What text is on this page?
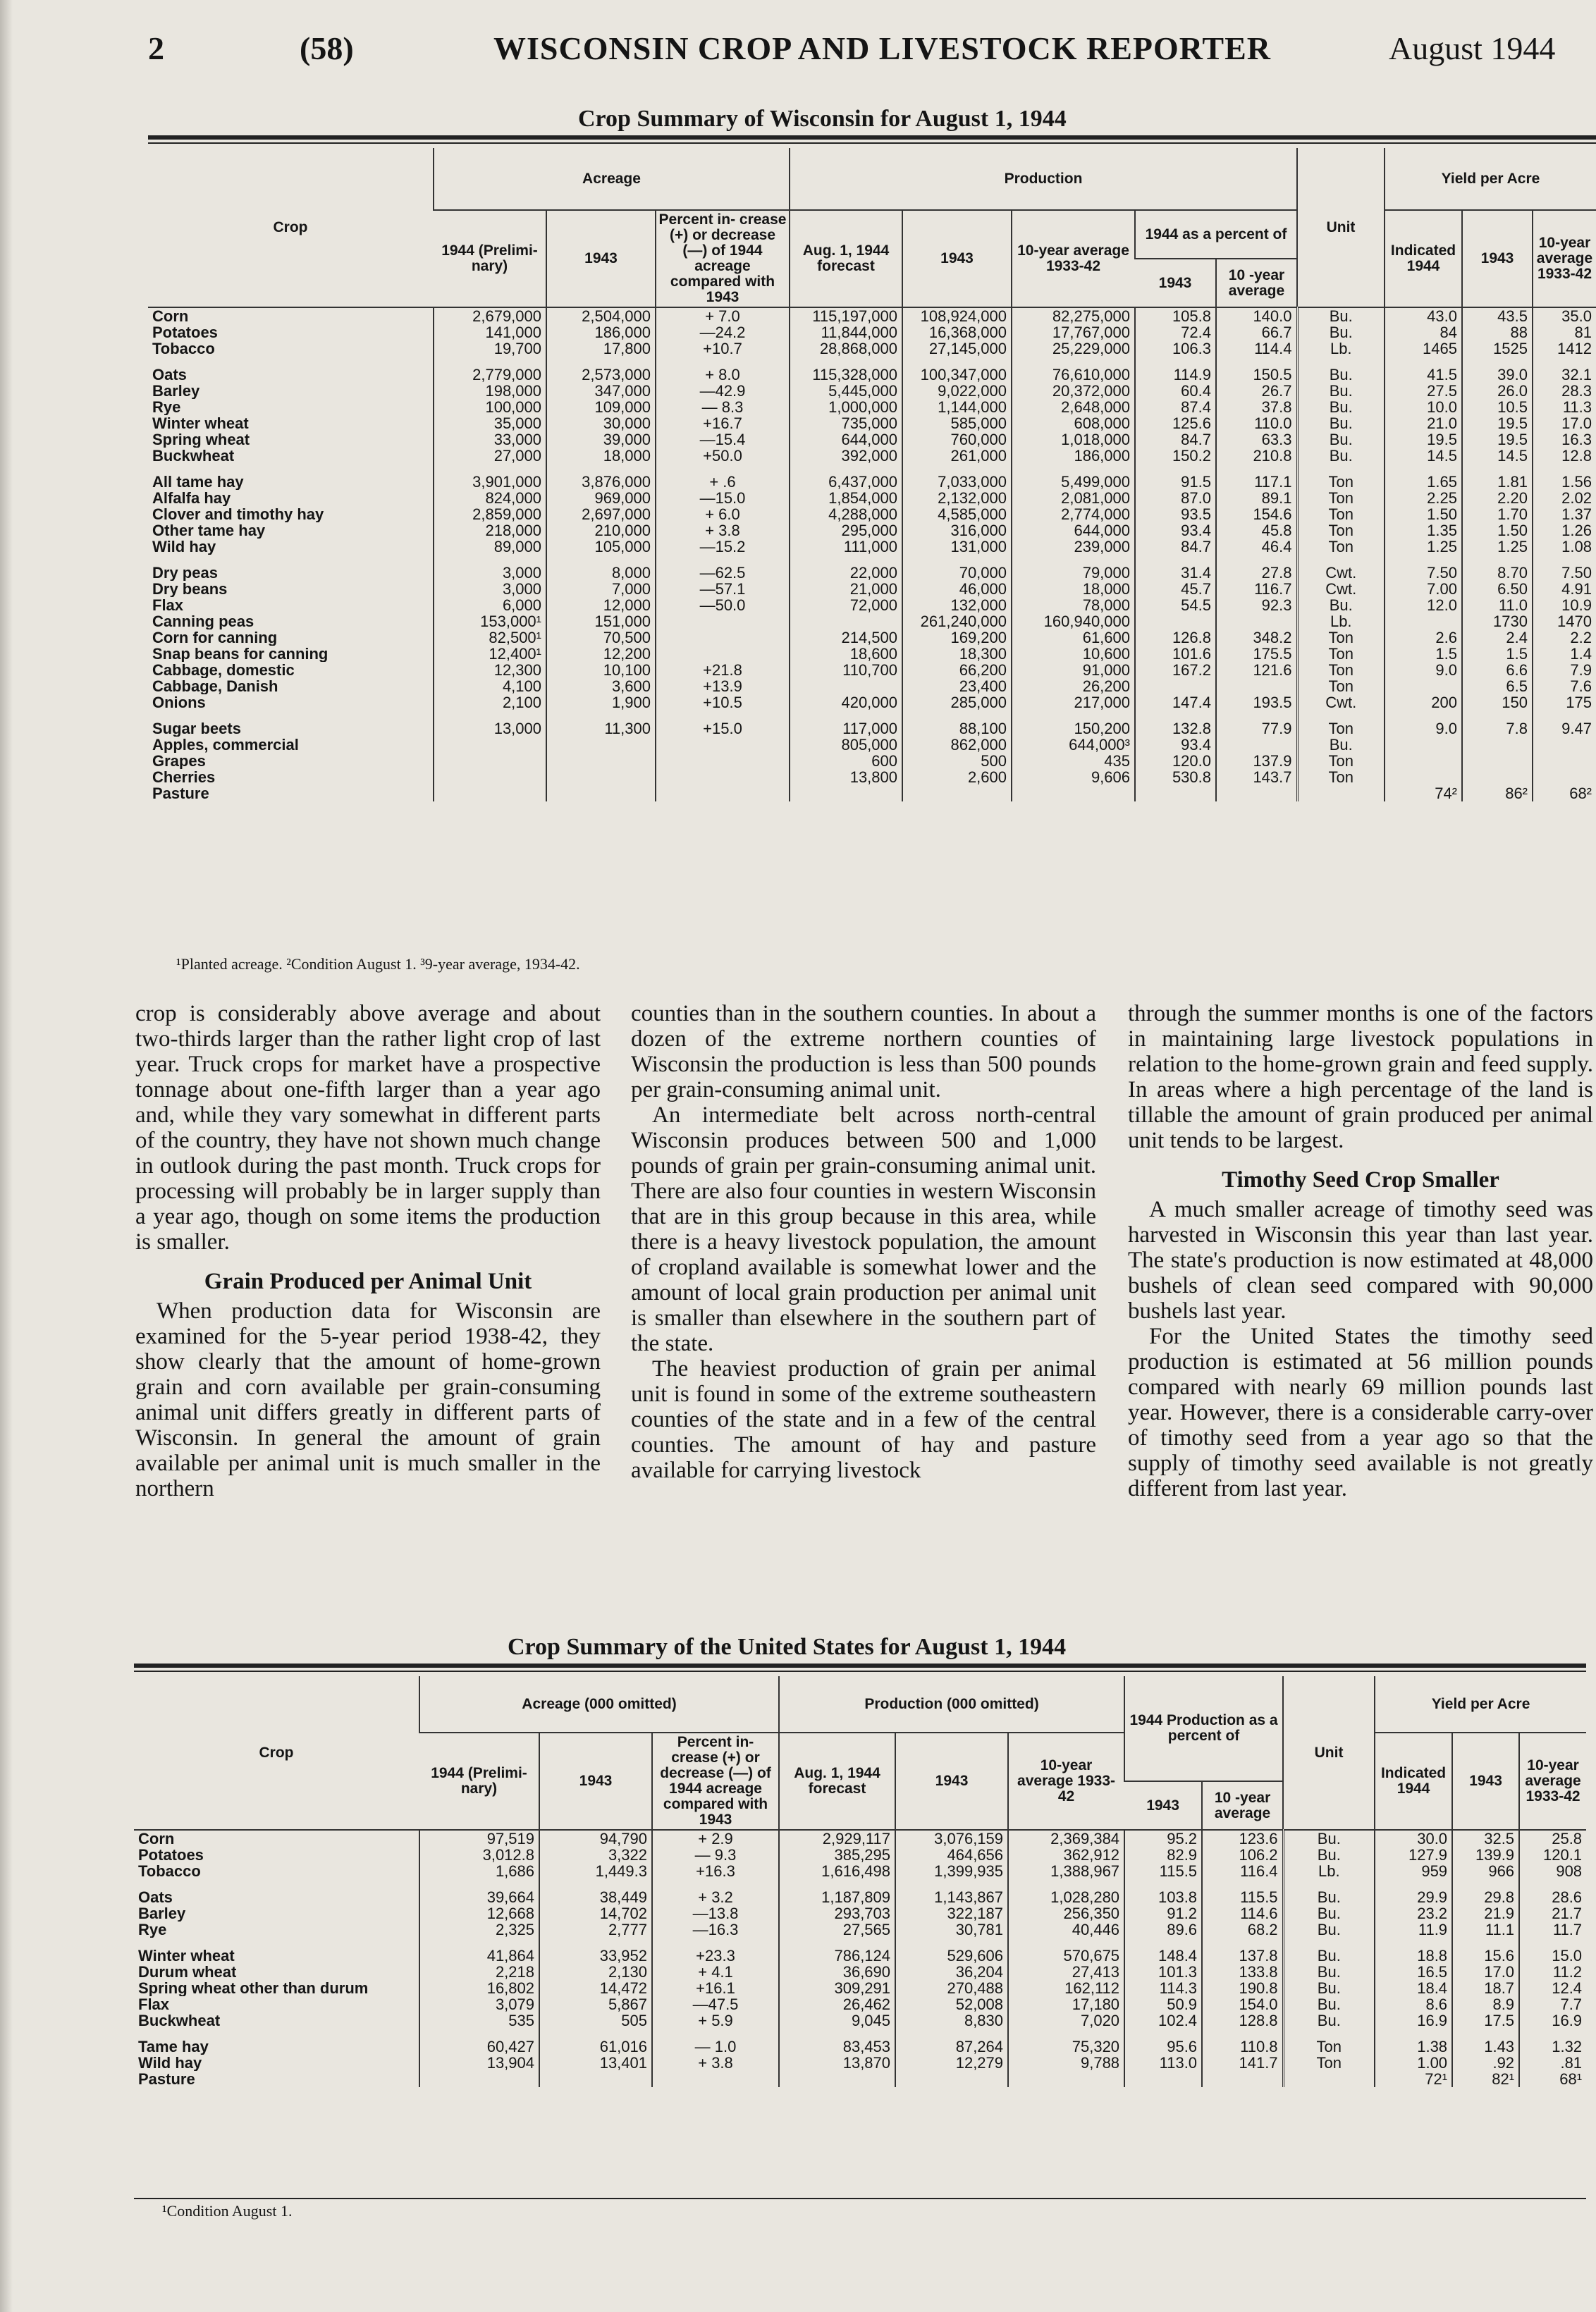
2	(58)	WISCONSIN CROP AND LIVESTOCK REPORTER	August 1944
Crop Summary of Wisconsin for August 1, 1944
Crop	Acreage			Production					Unit	Yield per Acre		
	1944 (Prelimi- nary)	1943	Percent in- crease (+) or decrease (—) of 1944 acreage compared with 1943	Aug. 1, 1944 forecast	1943	10-year average 1933-42	1944 as a percent of			Indicated 1944	1943	10-year average 1933-42
							1943	10 -year average				
Corn	2,679,000	2,504,000	+ 7.0	115,197,000	108,924,000	82,275,000	105.8	140.0	Bu.	43.0	43.5	35.0
Potatoes	141,000	186,000	—24.2	11,844,000	16,368,000	17,767,000	72.4	66.7	Bu.	84	88	81
Tobacco	19,700	17,800	+10.7	28,868,000	27,145,000	25,229,000	106.3	114.4	Lb.	1465	1525	1412

Oats	2,779,000	2,573,000	+ 8.0	115,328,000	100,347,000	76,610,000	114.9	150.5	Bu.	41.5	39.0	32.1
Barley	198,000	347,000	—42.9	5,445,000	9,022,000	20,372,000	60.4	26.7	Bu.	27.5	26.0	28.3
Rye	100,000	109,000	— 8.3	1,000,000	1,144,000	2,648,000	87.4	37.8	Bu.	10.0	10.5	11.3
Winter wheat	35,000	30,000	+16.7	735,000	585,000	608,000	125.6	110.0	Bu.	21.0	19.5	17.0
Spring wheat	33,000	39,000	—15.4	644,000	760,000	1,018,000	84.7	63.3	Bu.	19.5	19.5	16.3
Buckwheat	27,000	18,000	+50.0	392,000	261,000	186,000	150.2	210.8	Bu.	14.5	14.5	12.8

All tame hay	3,901,000	3,876,000	+ .6	6,437,000	7,033,000	5,499,000	91.5	117.1	Ton	1.65	1.81	1.56
Alfalfa hay	824,000	969,000	—15.0	1,854,000	2,132,000	2,081,000	87.0	89.1	Ton	2.25	2.20	2.02
Clover and timothy hay	2,859,000	2,697,000	+ 6.0	4,288,000	4,585,000	2,774,000	93.5	154.6	Ton	1.50	1.70	1.37
Other tame hay	218,000	210,000	+ 3.8	295,000	316,000	644,000	93.4	45.8	Ton	1.35	1.50	1.26
Wild hay	89,000	105,000	—15.2	111,000	131,000	239,000	84.7	46.4	Ton	1.25	1.25	1.08

Dry peas	3,000	8,000	—62.5	22,000	70,000	79,000	31.4	27.8	Cwt.	7.50	8.70	7.50
Dry beans	3,000	7,000	—57.1	21,000	46,000	18,000	45.7	116.7	Cwt.	7.00	6.50	4.91
Flax	6,000	12,000	—50.0	72,000	132,000	78,000	54.5	92.3	Bu.	12.0	11.0	10.9
Canning peas	153,000¹	151,000			261,240,000	160,940,000			Lb.		1730	1470
Corn for canning	82,500¹	70,500		214,500	169,200	61,600	126.8	348.2	Ton	2.6	2.4	2.2
Snap beans for canning	12,400¹	12,200		18,600	18,300	10,600	101.6	175.5	Ton	1.5	1.5	1.4
Cabbage, domestic	12,300	10,100	+21.8	110,700	66,200	91,000	167.2	121.6	Ton	9.0	6.6	7.9
Cabbage, Danish	4,100	3,600	+13.9		23,400	26,200			Ton		6.5	7.6
Onions	2,100	1,900	+10.5	420,000	285,000	217,000	147.4	193.5	Cwt.	200	150	175

Sugar beets	13,000	11,300	+15.0	117,000	88,100	150,200	132.8	77.9	Ton	9.0	7.8	9.47
Apples, commercial				805,000	862,000	644,000³	93.4		Bu.			
Grapes				600	500	435	120.0	137.9	Ton			
Cherries				13,800	2,600	9,606	530.8	143.7	Ton			
Pasture										74²	86²	68²
¹Planted acreage. ²Condition August 1. ³9-year average, 1934-42.

crop is considerably above average and about two-thirds larger than the rather light crop of last year. Truck crops for market have a prospective tonnage about one-fifth larger than a year ago and, while they vary somewhat in different parts of the country, they have not shown much change in outlook during the past month. Truck crops for processing will probably be in larger supply than a year ago, though on some items the production is smaller.

Grain Produced per Animal Unit

When production data for Wisconsin are examined for the 5-year period 1938-42, they show clearly that the amount of home-grown grain and corn available per grain-consuming animal unit differs greatly in different parts of Wisconsin. In general the amount of grain available per animal unit is much smaller in the northern

counties than in the southern counties. In about a dozen of the extreme northern counties of Wisconsin the production is less than 500 pounds per grain-consuming animal unit.

An intermediate belt across north-central Wisconsin produces between 500 and 1,000 pounds of grain per grain-consuming animal unit. There are also four counties in western Wisconsin that are in this group because in this area, while there is a heavy livestock population, the amount of cropland available is somewhat lower and the amount of local grain production per animal unit is smaller than elsewhere in the southern part of the state.

The heaviest production of grain per animal unit is found in some of the extreme southeastern counties of the state and in a few of the central counties. The amount of hay and pasture available for carrying livestock

through the summer months is one of the factors in maintaining large livestock populations in relation to the home-grown grain and feed supply. In areas where a high percentage of the land is tillable the amount of grain produced per animal unit tends to be largest.

Timothy Seed Crop Smaller

A much smaller acreage of timothy seed was harvested in Wisconsin this year than last year. The state's production is now estimated at 48,000 bushels of clean seed compared with 90,000 bushels last year.

For the United States the timothy seed production is estimated at 56 million pounds compared with nearly 69 million pounds last year. However, there is a considerable carry-over of timothy seed from a year ago so that the supply of timothy seed available is not greatly different from last year.

Crop Summary of the United States for August 1, 1944
Crop	Acreage (000 omitted)			Production (000 omitted)			1944 Production as a percent of		Unit	Yield per Acre		
	1944 (Prelimi- nary)	1943	Percent in- crease (+) or decrease (—) of 1944 acreage compared with 1943	Aug. 1, 1944 forecast	1943	10-year average 1933-42				Indicated 1944	1943	10-year average 1933-42
							1943	10 -year average				
Corn	97,519	94,790	+ 2.9	2,929,117	3,076,159	2,369,384	95.2	123.6	Bu.	30.0	32.5	25.8
Potatoes	3,012.8	3,322	— 9.3	385,295	464,656	362,912	82.9	106.2	Bu.	127.9	139.9	120.1
Tobacco	1,686	1,449.3	+16.3	1,616,498	1,399,935	1,388,967	115.5	116.4	Lb.	959	966	908

Oats	39,664	38,449	+ 3.2	1,187,809	1,143,867	1,028,280	103.8	115.5	Bu.	29.9	29.8	28.6
Barley	12,668	14,702	—13.8	293,703	322,187	256,350	91.2	114.6	Bu.	23.2	21.9	21.7
Rye	2,325	2,777	—16.3	27,565	30,781	40,446	89.6	68.2	Bu.	11.9	11.1	11.7

Winter wheat	41,864	33,952	+23.3	786,124	529,606	570,675	148.4	137.8	Bu.	18.8	15.6	15.0
Durum wheat	2,218	2,130	+ 4.1	36,690	36,204	27,413	101.3	133.8	Bu.	16.5	17.0	11.2
Spring wheat other than durum	16,802	14,472	+16.1	309,291	270,488	162,112	114.3	190.8	Bu.	18.4	18.7	12.4
Flax	3,079	5,867	—47.5	26,462	52,008	17,180	50.9	154.0	Bu.	8.6	8.9	7.7
Buckwheat	535	505	+ 5.9	9,045	8,830	7,020	102.4	128.8	Bu.	16.9	17.5	16.9

Tame hay	60,427	61,016	— 1.0	83,453	87,264	75,320	95.6	110.8	Ton	1.38	1.43	1.32
Wild hay	13,904	13,401	+ 3.8	13,870	12,279	9,788	113.0	141.7	Ton	1.00	.92	.81
Pasture										72¹	82¹	68¹
¹Condition August 1.
